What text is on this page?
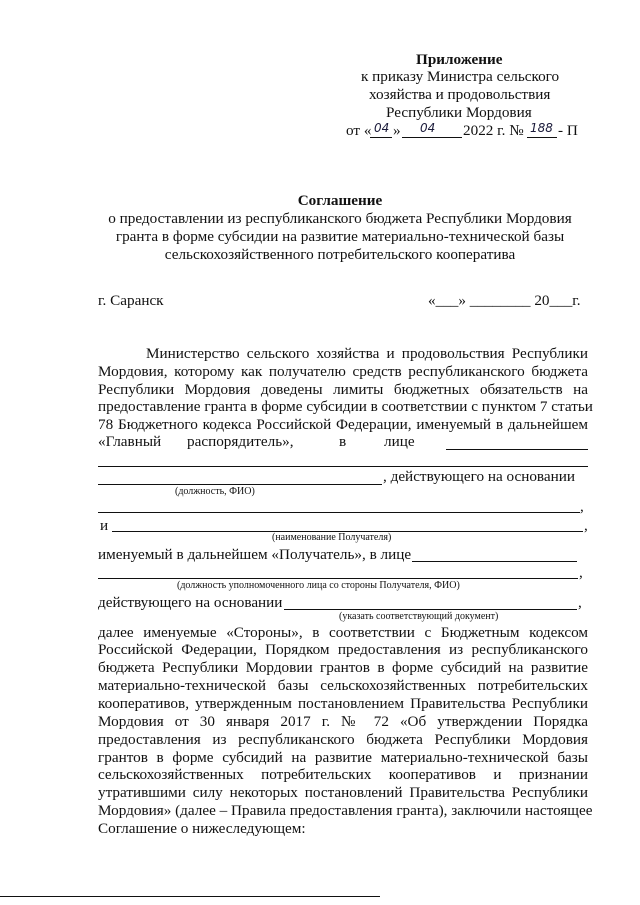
Приложение
к приказу Министра сельского
хозяйства и продовольствия
Республики Мордовия
от « 04 » 04 2022 г. № 188 - П
Соглашение
о предоставлении из республиканского бюджета Республики Мордовия
гранта в форме субсидии на развитие материально-технической базы
сельскохозяйственного потребительского кооператива
г. Саранск	«___» ________ 20___г.
Министерство сельского хозяйства и продовольствия Республики
Мордовия, которому как получателю средств республиканского бюджета
Республики Мордовия доведены лимиты бюджетных обязательств на
предоставление гранта в форме субсидии в соответствии с пунктом 7 статьи
78 Бюджетного кодекса Российской Федерации, именуемый в дальнейшем
«Главный распорядитель»,	в лице
, действующего на основании
(должность, ФИО)
,
и	,
(наименование Получателя)
именуемый в дальнейшем «Получатель», в лице
,
(должность уполномоченного лица со стороны Получателя, ФИО)
действующего на основании	,
(указать соответствующий документ)
далее именуемые «Стороны», в соответствии с Бюджетным кодексом
Российской Федерации, Порядком предоставления из республиканского
бюджета Республики Мордовии грантов в форме субсидий на развитие
материально-технической базы сельскохозяйственных потребительских
кооперативов, утвержденным постановлением Правительства Республики
Мордовия от 30 января 2017 г. № 72 «Об утверждении Порядка
предоставления из республиканского бюджета Республики Мордовия
грантов в форме субсидий на развитие материально-технической базы
сельскохозяйственных потребительских кооперативов и признании
утратившими силу некоторых постановлений Правительства Республики
Мордовия» (далее – Правила предоставления гранта), заключили настоящее
Соглашение о нижеследующем:
